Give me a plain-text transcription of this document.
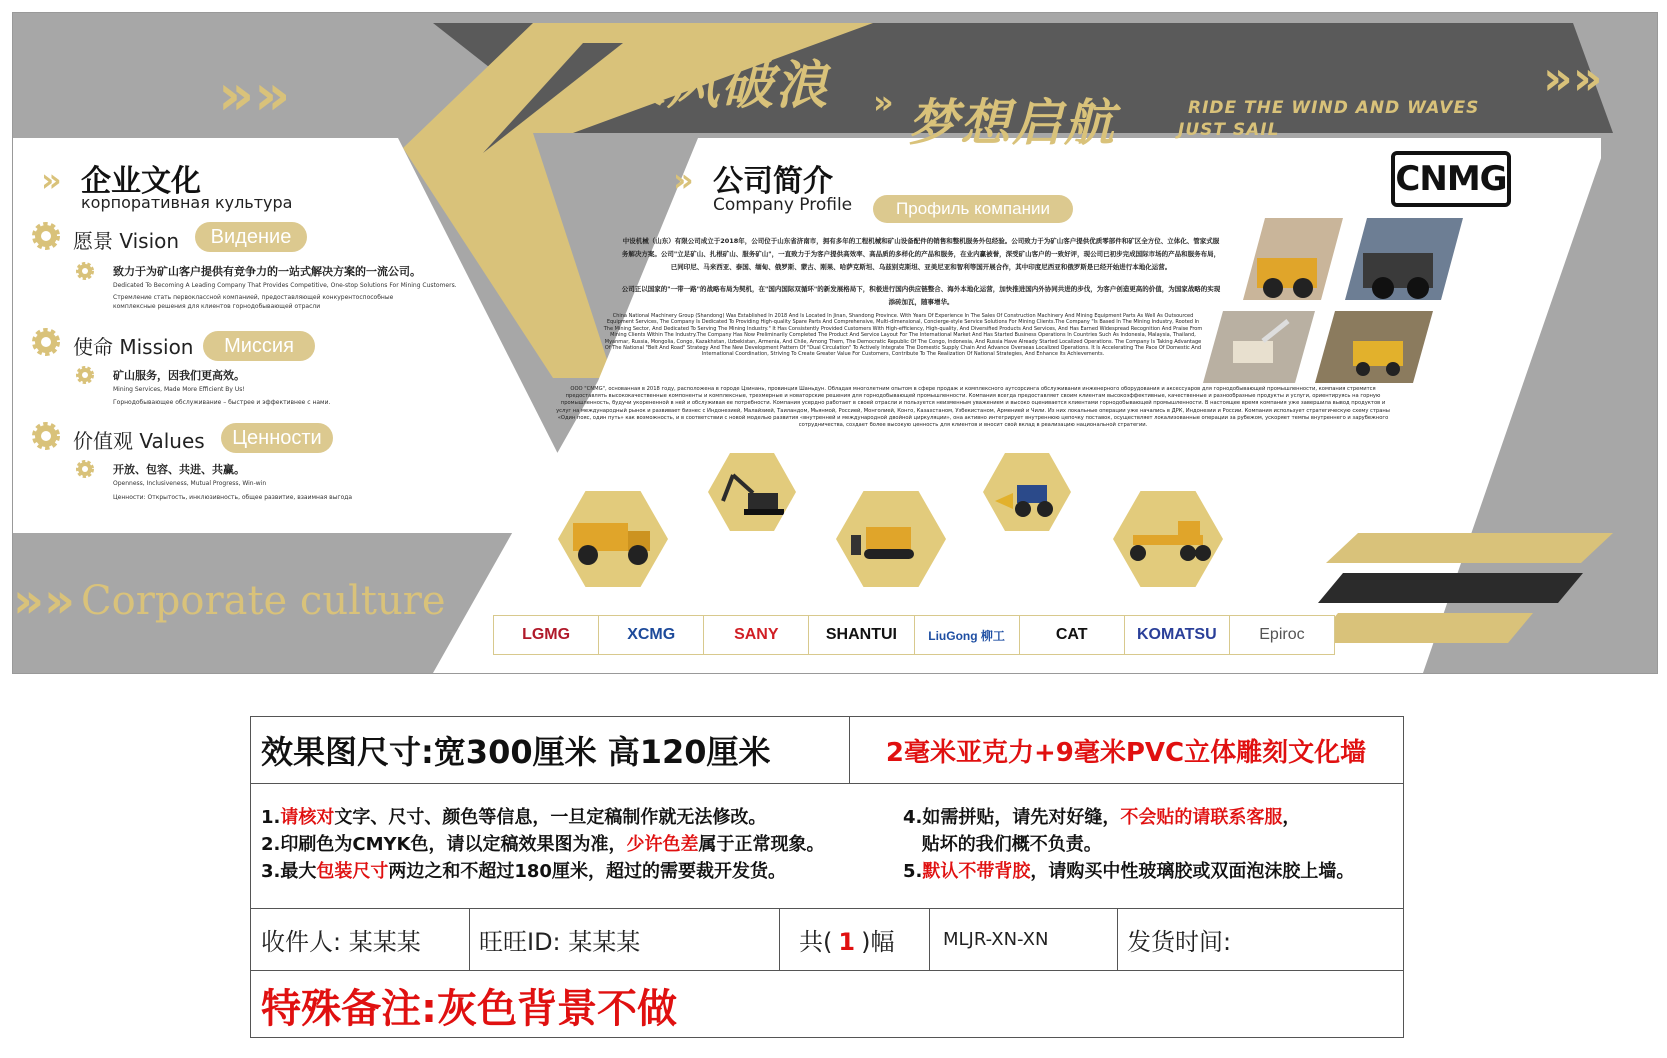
»»	»»
»»
乘风破浪 » 梦想启航	RIDE THE WIND AND WAVES
JUST SAIL
Corporate culture
» 企业文化
корпоративная культура
愿景 Vision	Видение
致力于为矿山客户提供有竞争力的一站式解决方案的一流公司。
Dedicated To Becoming A Leading Company That Provides Competitive, One-stop Solutions For Mining Customers.
Стремление стать первоклассной компанией, предоставляющей конкурентоспособные комплексные решения для клиентов горнодобывающей отрасли
使命 Mission	Миссия
矿山服务，因我们更高效。
Mining Services, Made More Efficient By Us!
Горнодобывающее обслуживание – быстрее и эффективнее с нами.
价值观 Values	Ценности
开放、包容、共进、共赢。
Openness, Inclusiveness, Mutual Progress, Win-win
Ценности: Открытость, инклюзивность, общее развитие, взаимная выгода
» 公司简介
Company Profile	Профиль компании
CNMG
中设机械（山东）有限公司成立于2018年，公司位于山东省济南市，拥有多年的工程机械和矿山设备配件的销售和整机服务外包经验。公司致力于为矿山客户提供优质零部件和矿区全方位、立体化、管家式服务解决方案。公司"立足矿山、扎根矿山、服务矿山"，一直致力于为客户提供高效率、高品质的多样化的产品和服务，在业内赢被誉，深受矿山客户的一致好评，现公司已初步完成国际市场的产品和服务布局，已同印尼、马来西亚、泰国、缅甸、俄罗斯、蒙古、刚果、哈萨克斯坦、乌兹别克斯坦、亚美尼亚和智利等国开展合作，其中印度尼西亚和俄罗斯是已经开始进行本地化运营。
公司正以国家的"一带一路"的战略布局为契机，在"国内国际双循环"的新发展格局下，积极进行国内供应链整合、海外本地化运营，加快推进国内外协同共进的步伐，为客户创造更高的价值，为国家战略的实现添砖加瓦，随事增华。
China National Machinery Group (Shandong) Was Established In 2018 And Is Located In Jinan, Shandong Province. With Years Of Experience In The Sales Of Construction Machinery And Mining Equipment Parts As Well As Outsourced Equipment Services, The Company Is Dedicated To Providing High-quality Spare Parts And Comprehensive, Multi-dimensional, Concierge-style Service Solutions For Mining Clients.The Company "Is Based In The Mining Industry, Rooted In The Mining Sector, And Dedicated To Serving The Mining Industry." It Has Consistently Provided Customers With High-efficiency, High-quality, And Diversified Products And Services, And Has Earned Widespread Recognition And Praise From Mining Clients Within The Industry.The Company Has Now Preliminarily Completed The Product And Service Layout For The International Market And Has Started Business Operations In Countries Such As Indonesia, Malaysia, Thailand, Myanmar, Russia, Mongolia, Congo, Kazakhstan, Uzbekistan, Armenia, And Chile, Among Them, The Democratic Republic Of The Congo, Indonesia, And Russia Have Already Started Localized Operations. The Company Is Taking Advantage Of The National "Belt And Road" Strategy And The New Development Pattern Of "Dual Circulation" To Actively Integrate The Domestic Supply Chain And Advance Overseas Localized Operations. It Is Accelerating The Pace Of Domestic And International Coordination, Striving To Create Greater Value For Customers, Contribute To The Realization Of National Strategies, And Enhance Its Achievements.
ООО "CNMG", основанная в 2018 году, расположена в городе Цзинань, провинция Шаньдун. Обладая многолетним опытом в сфере продаж и комплексного аутсорсинга обслуживания инженерного оборудования и аксессуаров для горнодобывающей промышленности, компания стремится предоставлять высококачественные компоненты и комплексные, трехмерные и новаторские решения для горнодобывающей промышленности. Компания всегда предоставляет своим клиентам высокоэффективные, качественные и разнообразные продукты и услуги, ориентируясь на горную промышленность, будучи укорененной в ней и обслуживая ее потребности. Компания усердно работает в своей отрасли и пользуется неизменным уважением и высоко оценивается клиентами горнодобывающей промышленности. В настоящее время компания уже завершила вывод продуктов и услуг на международный рынок и развивает бизнес с Индонезией, Малайзией, Таиландом, Мьянмой, Россией, Монголией, Конго, Казахстаном, Узбекистаном, Арменией и Чили. Из них локальные операции уже начались в ДРК, Индонезии и России. Компания использует стратегическую схему страны «Один пояс, один путь» как возможность, и в соответствии с новой моделью развития «внутренней и международной двойной циркуляции», она активно интегрирует внутреннюю цепочку поставок, осуществляет локализованные операции за рубежом, ускоряет темпы внутреннего и зарубежного сотрудничества, создает более высокую ценность для клиентов и вносит свой вклад в реализацию национальной стратегии.
LGMG	XCMG	SANY	SHANTUI	LiuGong 柳工	CAT	KOMATSU	Epiroc
效果图尺寸:宽300厘米 高120厘米	2毫米亚克力+9毫米PVC立体雕刻文化墙
1.请核对文字、尺寸、颜色等信息，一旦定稿制作就无法修改。
2.印刷色为CMYK色，请以定稿效果图为准，少许色差属于正常现象。
3.最大包装尺寸两边之和不超过180厘米，超过的需要裁开发货。
4.如需拼贴，请先对好缝，不会贴的请联系客服，
贴坏的我们概不负责。
5.默认不带背胶，请购买中性玻璃胶或双面泡沫胶上墙。
收件人: 某某某 旺旺ID: 某某某	共( 1 )幅	MLJR-XN-XN	发货时间:
特殊备注:灰色背景不做
